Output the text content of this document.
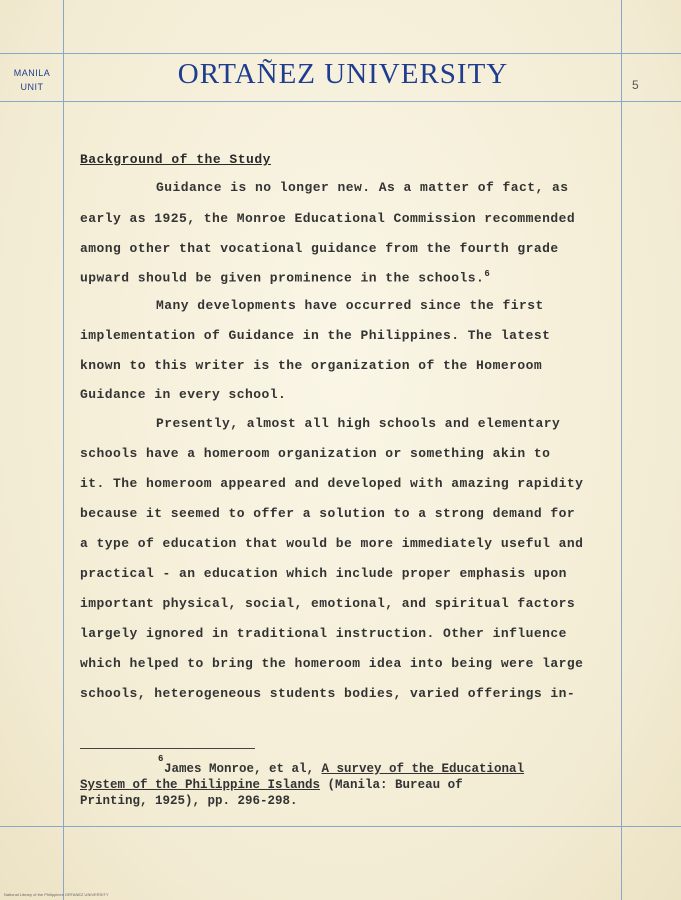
MANILA
UNIT	ORTAÑEZ UNIVERSITY	5
Background of the Study
Guidance is no longer new. As a matter of fact, as
early as 1925, the Monroe Educational Commission recommended
among other that vocational guidance from the fourth grade
upward should be given prominence in the schools.$^6$
Many developments have occurred since the first
implementation of Guidance in the Philippines. The latest
known to this writer is the organization of the Homeroom
Guidance in every school.
Presently, almost all high schools and elementary
schools have a homeroom organization or something akin to
it. The homeroom appeared and developed with amazing rapidity
because it seemed to offer a solution to a strong demand for
a type of education that would be more immediately useful and
practical - an education which include proper emphasis upon
important physical, social, emotional, and spiritual factors
largely ignored in traditional instruction. Other influence
which helped to bring the homeroom idea into being were large
schools, heterogeneous students bodies, varied offerings in-
6
James Monroe, et al, A survey of the Educational
System of the Philippine Islands (Manila: Bureau of
Printing, 1925), pp. 296-298.
National Library of the Philippines ORTANEZ UNIVERSITY
